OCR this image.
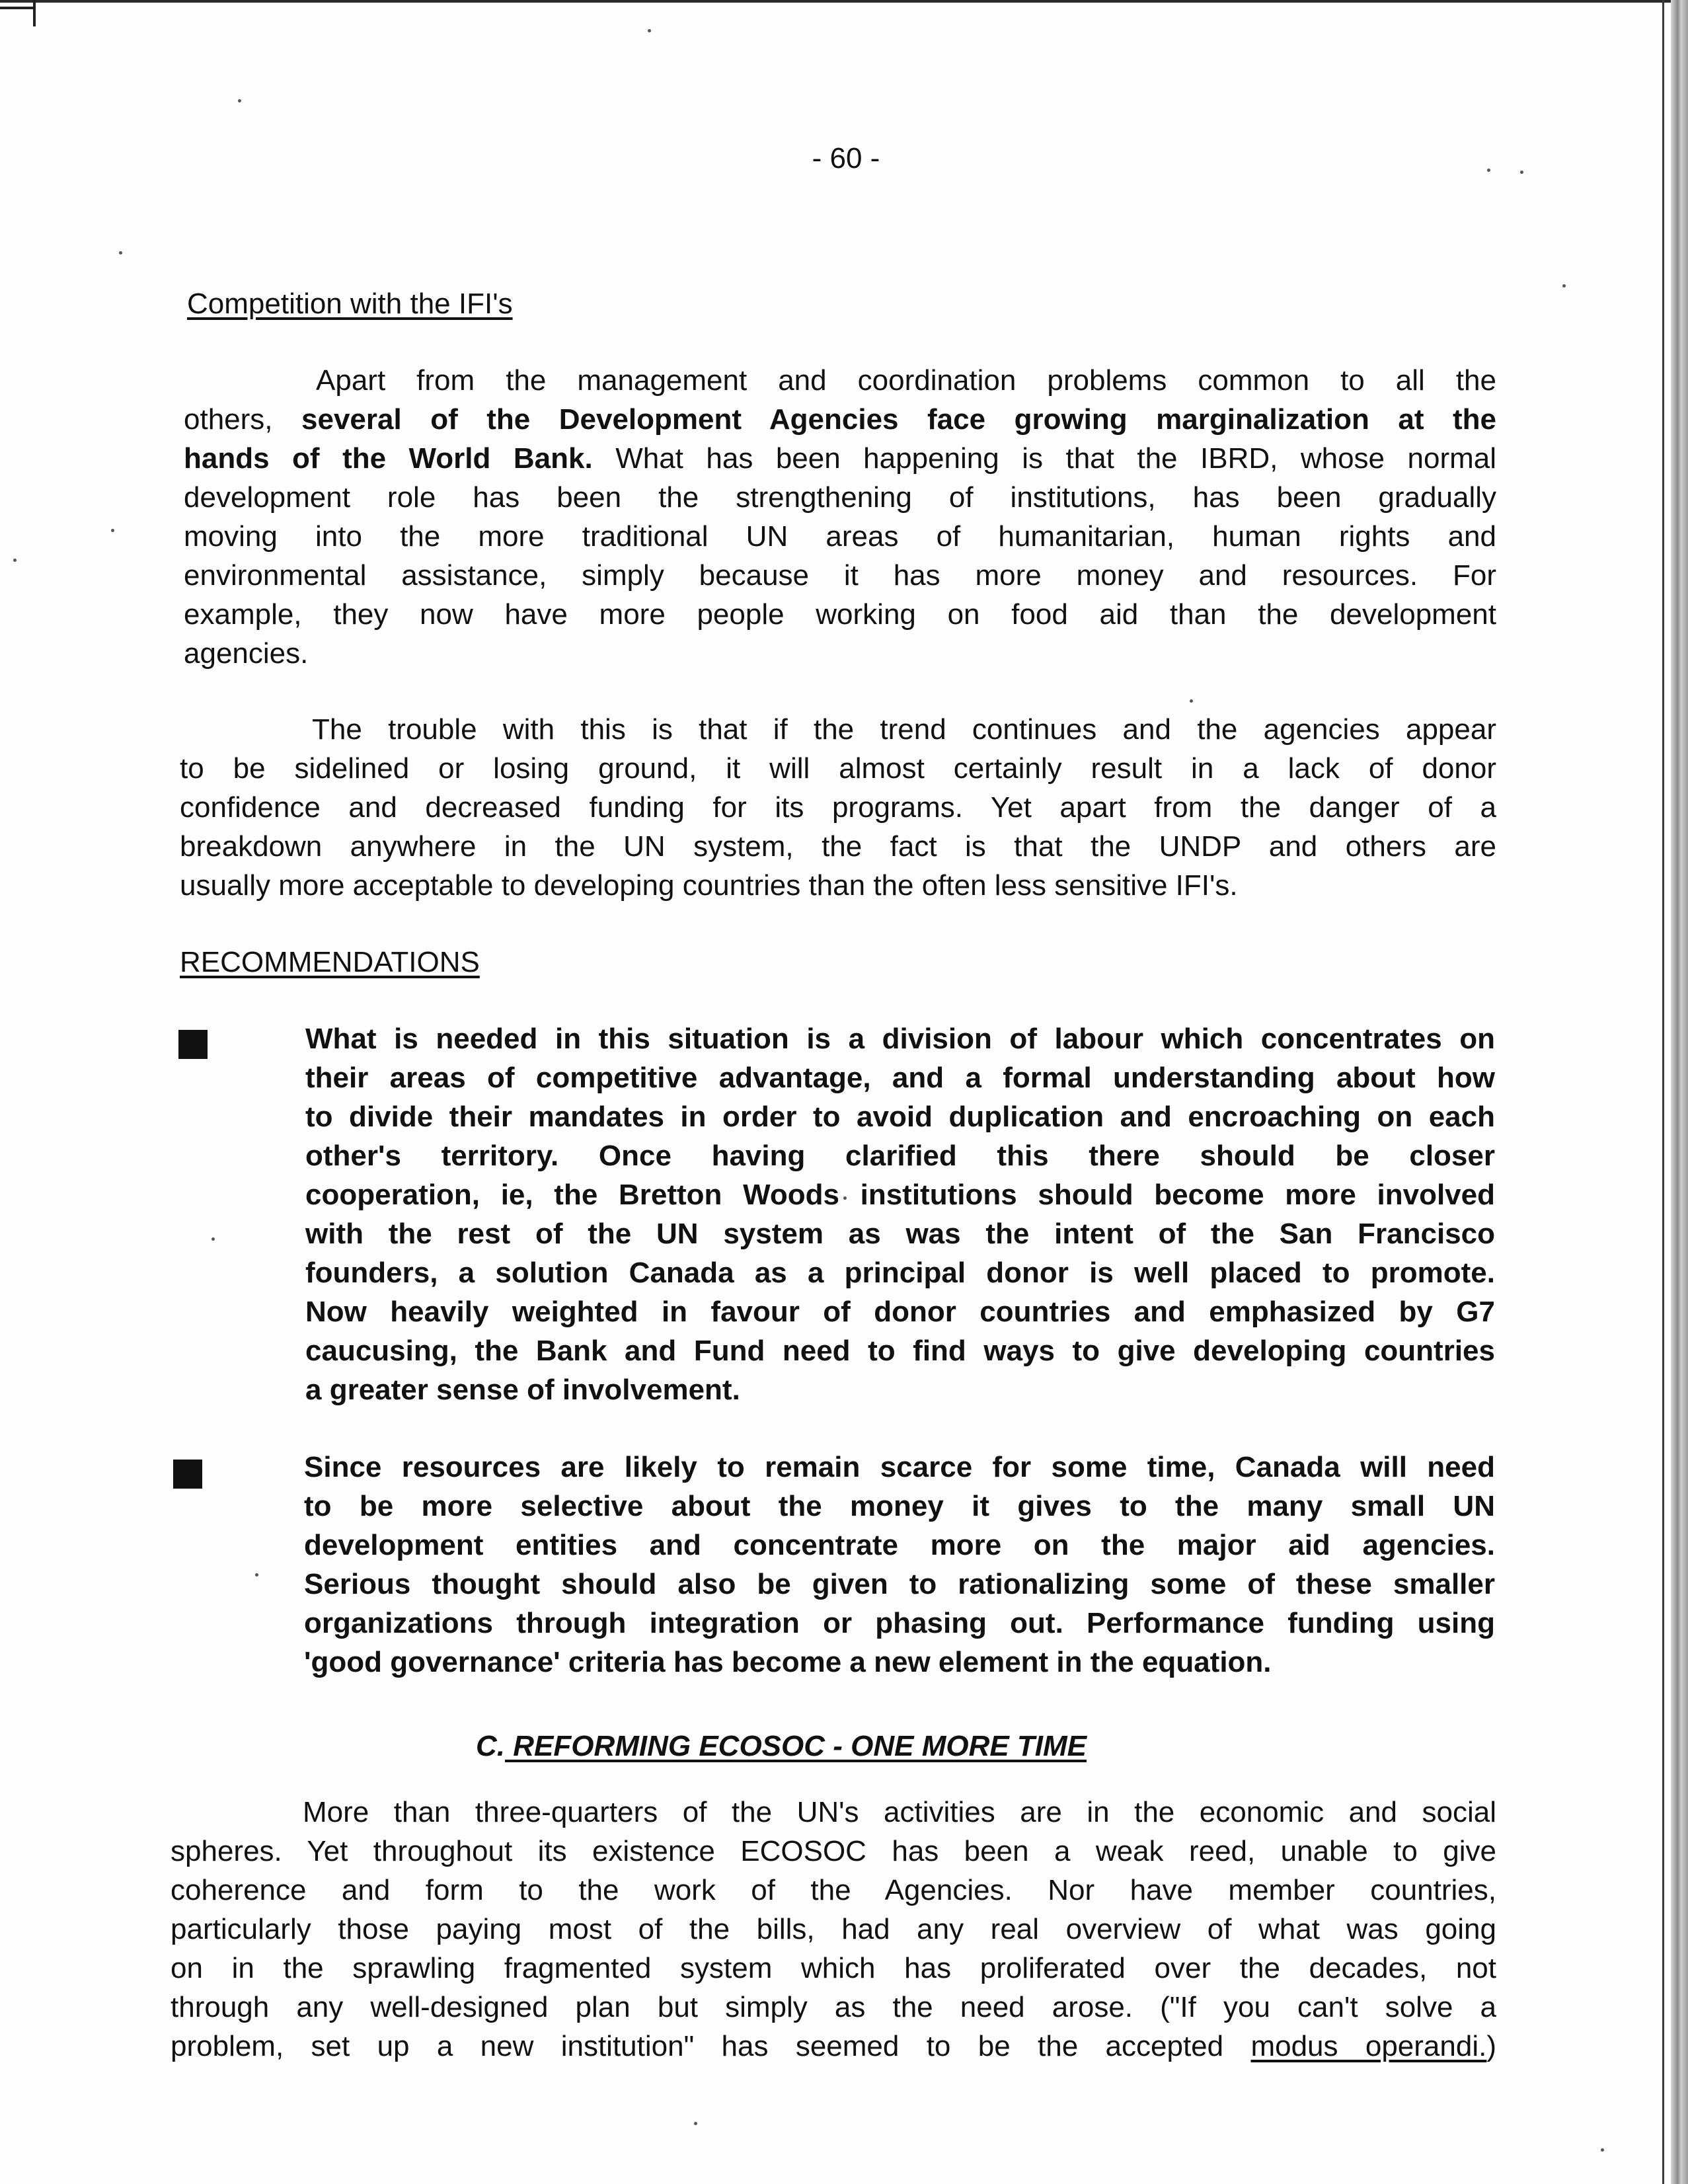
- 60 -
Competition with the IFI's
Apart from the management and coordination problems common to all the
others, several of the Development Agencies face growing marginalization at the
hands of the World Bank. What has been happening is that the IBRD, whose normal
development role has been the strengthening of institutions, has been gradually
moving into the more traditional UN areas of humanitarian, human rights and
environmental assistance, simply because it has more money and resources. For
example, they now have more people working on food aid than the development
agencies.
The trouble with this is that if the trend continues and the agencies appear
to be sidelined or losing ground, it will almost certainly result in a lack of donor
confidence and decreased funding for its programs. Yet apart from the danger of a
breakdown anywhere in the UN system, the fact is that the UNDP and others are
usually more acceptable to developing countries than the often less sensitive IFI's.
RECOMMENDATIONS
What is needed in this situation is a division of labour which concentrates on
their areas of competitive advantage, and a formal understanding about how
to divide their mandates in order to avoid duplication and encroaching on each
other's territory. Once having clarified this there should be closer
cooperation, ie, the Bretton Woods institutions should become more involved
with the rest of the UN system as was the intent of the San Francisco
founders, a solution Canada as a principal donor is well placed to promote.
Now heavily weighted in favour of donor countries and emphasized by G7
caucusing, the Bank and Fund need to find ways to give developing countries
a greater sense of involvement.
Since resources are likely to remain scarce for some time, Canada will need
to be more selective about the money it gives to the many small UN
development entities and concentrate more on the major aid agencies.
Serious thought should also be given to rationalizing some of these smaller
organizations through integration or phasing out. Performance funding using
'good governance' criteria has become a new element in the equation.
C. REFORMING ECOSOC - ONE MORE TIME
More than three-quarters of the UN's activities are in the economic and social
spheres. Yet throughout its existence ECOSOC has been a weak reed, unable to give
coherence and form to the work of the Agencies. Nor have member countries,
particularly those paying most of the bills, had any real overview of what was going
on in the sprawling fragmented system which has proliferated over the decades, not
through any well-designed plan but simply as the need arose. ("If you can't solve a
problem, set up a new institution" has seemed to be the accepted modus operandi.)
